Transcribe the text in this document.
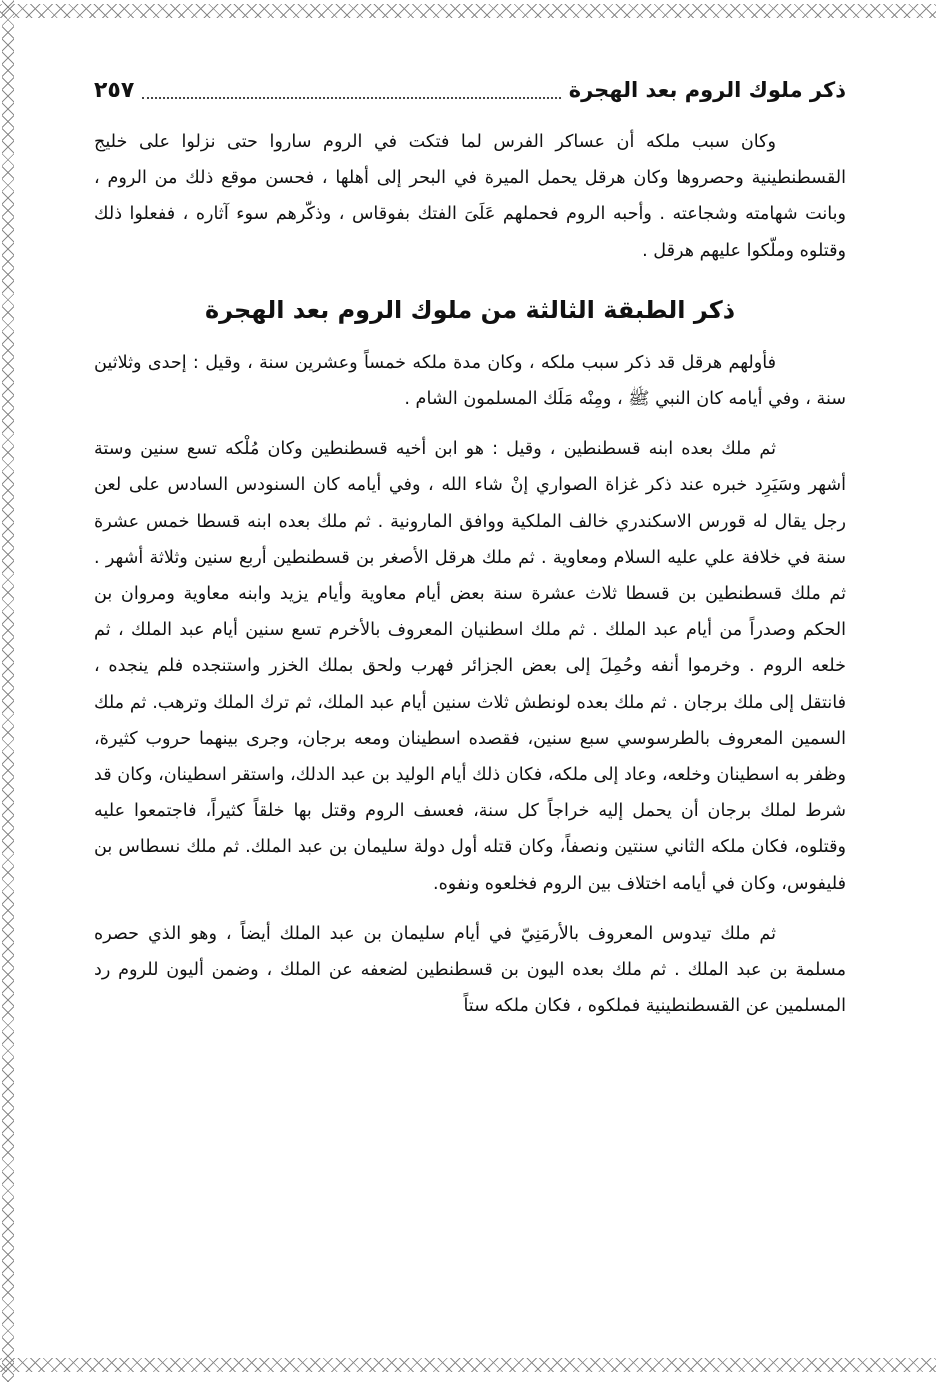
ذكر ملوك الروم بعد الهجرة
٢٥٧

وكان سبب ملكه أن عساكر الفرس لما فتكت في الروم ساروا حتى نزلوا على خليج القسطنطينية وحصروها وكان هرقل يحمل الميرة في البحر إلى أهلها ، فحسن موقع ذلك من الروم ، وبانت شهامته وشجاعته . وأحبه الروم فحملهم عَلَىَ الفتك بفوقاس ، وذكّرهم سوء آثاره ، ففعلوا ذلك وقتلوه وملّكوا عليهم هرقل .

ذكر الطبقة الثالثة من ملوك الروم بعد الهجرة

فأولهم هرقل قد ذكر سبب ملكه ، وكان مدة ملكه خمساً وعشرين سنة ، وقيل : إحدى وثلاثين سنة ، وفي أيامه كان النبي ﷺ ، ومِنْه مَلَك المسلمون الشام .

ثم ملك بعده ابنه قسطنطين ، وقيل : هو ابن أخيه قسطنطين وكان مُلْكه تسع سنين وستة أشهر وسَيَرِد خبره عند ذكر غزاة الصواري إنْ شاء الله ، وفي أيامه كان السنودس السادس على لعن رجل يقال له قورس الاسكندري خالف الملكية ووافق المارونية . ثم ملك بعده ابنه قسطا خمس عشرة سنة في خلافة علي عليه السلام ومعاوية . ثم ملك هرقل الأصغر بن قسطنطين أربع سنين وثلاثة أشهر . ثم ملك قسطنطين بن قسطا ثلاث عشرة سنة بعض أيام معاوية وأيام يزيد وابنه معاوية ومروان بن الحكم وصدراً من أيام عبد الملك . ثم ملك اسطنيان المعروف بالأخرم تسع سنين أيام عبد الملك ، ثم خلعه الروم . وخرموا أنفه وحُمِلَ إلى بعض الجزائر فهرب ولحق بملك الخزر واستنجده فلم ينجده ، فانتقل إلى ملك برجان . ثم ملك بعده لونطش ثلاث سنين أيام عبد الملك، ثم ترك الملك وترهب. ثم ملك السمين المعروف بالطرسوسي سبع سنين، فقصده اسطينان ومعه برجان، وجرى بينهما حروب كثيرة، وظفر به اسطينان وخلعه، وعاد إلى ملكه، فكان ذلك أيام الوليد بن عبد الدلك، واستقر اسطينان، وكان قد شرط لملك برجان أن يحمل إليه خراجاً كل سنة، فعسف الروم وقتل بها خلقاً كثيراً، فاجتمعوا عليه وقتلوه، فكان ملكه الثاني سنتين ونصفاً، وكان قتله أول دولة سليمان بن عبد الملك. ثم ملك نسطاس بن فليفوس، وكان في أيامه اختلاف بين الروم فخلعوه ونفوه.

ثم ملك تيدوس المعروف بالأرمَنِيّ في أيام سليمان بن عبد الملك أيضاً ، وهو الذي حصره مسلمة بن عبد الملك . ثم ملك بعده اليون بن قسطنطين لضعفه عن الملك ، وضمن أليون للروم رد المسلمين عن القسطنطينية فملكوه ، فكان ملكه ستاً
